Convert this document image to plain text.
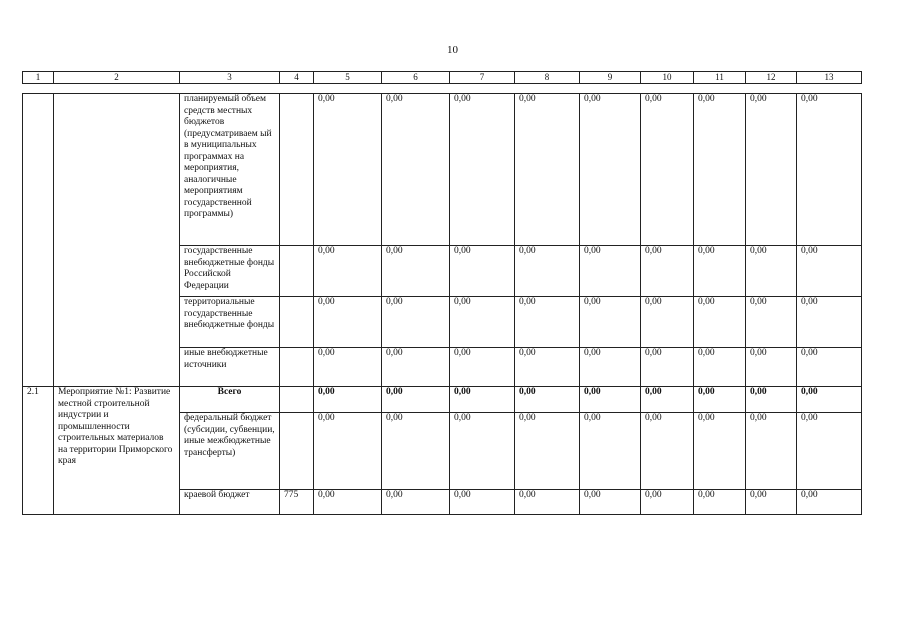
10
1	2	3	4	5	6	7	8	9	10	11	12	13
		планируемый объем средств местных бюджетов (предусматриваем ый в муниципальных программах на мероприятия, аналогичные мероприятиям государственной программы)		0,00	0,00	0,00	0,00	0,00	0,00	0,00	0,00	0,00
		государственные внебюджетные фонды Российской Федерации		0,00	0,00	0,00	0,00	0,00	0,00	0,00	0,00	0,00
		территориальные государственные внебюджетные фонды		0,00	0,00	0,00	0,00	0,00	0,00	0,00	0,00	0,00
		иные внебюджетные источники		0,00	0,00	0,00	0,00	0,00	0,00	0,00	0,00	0,00
2.1	Мероприятие №1: Развитие местной строительной индустрии и промышленности строительных материалов на территории Приморского края	Всего		0,00	0,00	0,00	0,00	0,00	0,00	0,00	0,00	0,00
		федеральный бюджет (субсидии, субвенции, иные межбюджетные трансферты)		0,00	0,00	0,00	0,00	0,00	0,00	0,00	0,00	0,00
		краевой бюджет	775	0,00	0,00	0,00	0,00	0,00	0,00	0,00	0,00	0,00
